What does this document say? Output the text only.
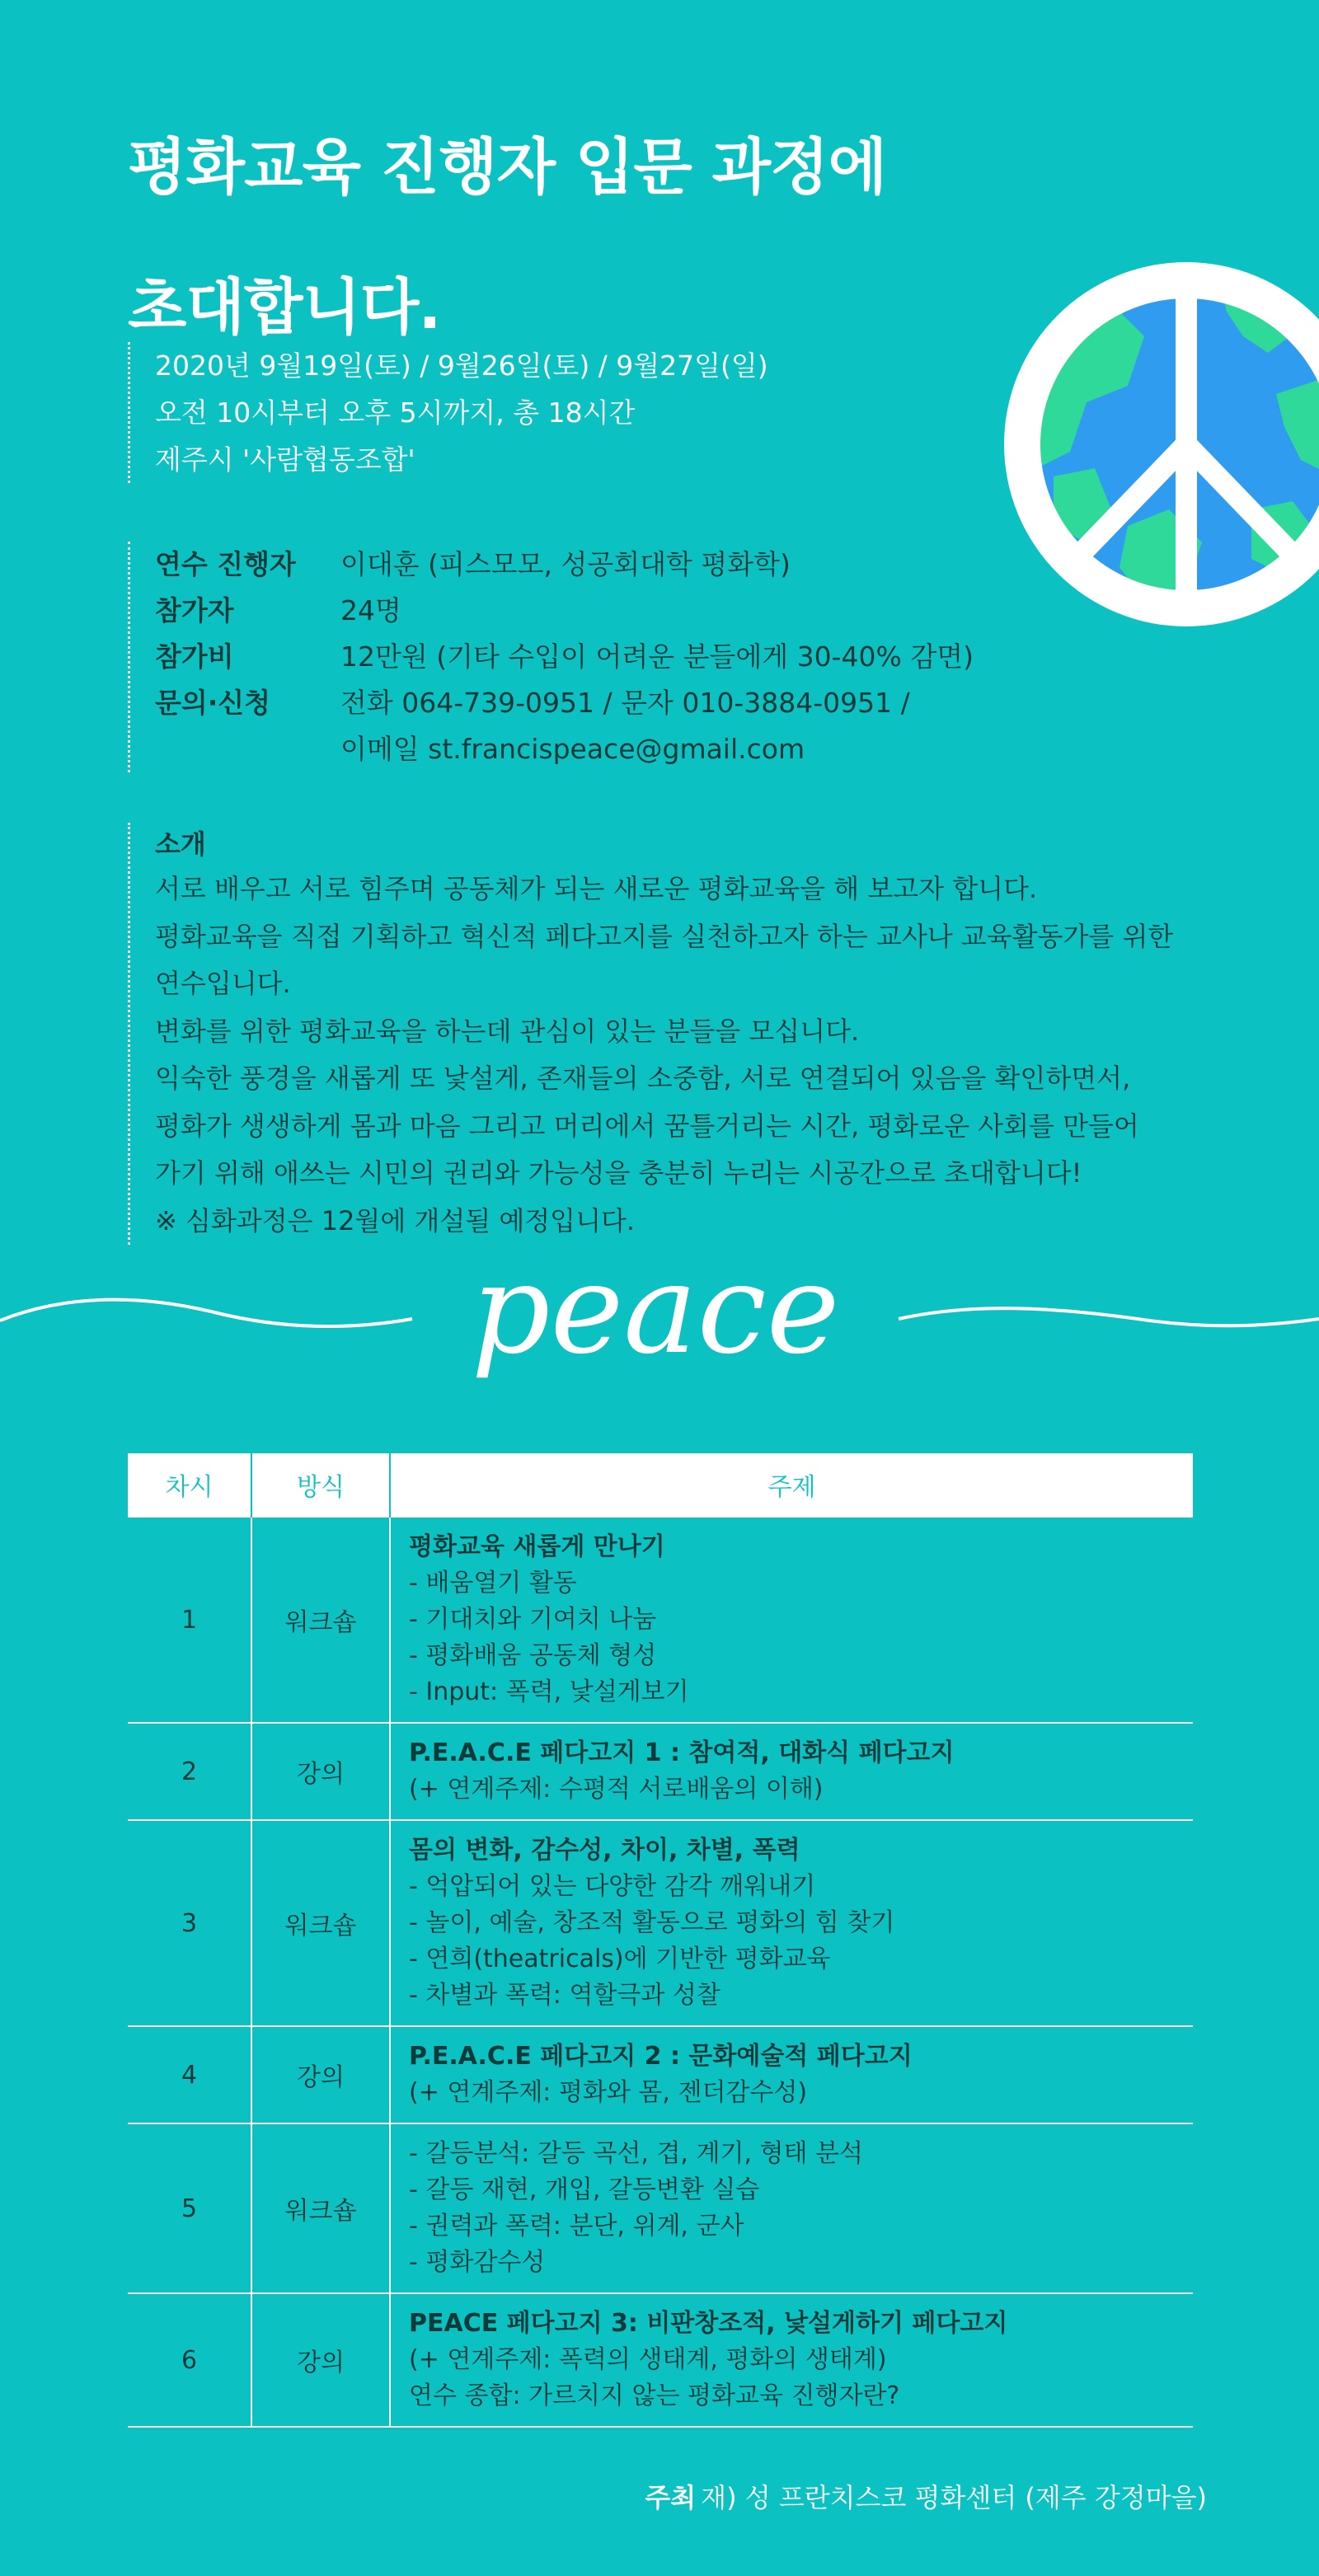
평화교육 진행자 입문 과정에
초대합니다.
2020년 9월19일(토) / 9월26일(토) / 9월27일(일)
오전 10시부터 오후 5시까지, 총 18시간
제주시 '사람협동조합'
연수 진행자	이대훈 (피스모모, 성공회대학 평화학)
참가자	24명
참가비	12만원 (기타 수입이 어려운 분들에게 30-40% 감면)
문의·신청	전화 064-739-0951 / 문자 010-3884-0951 /
이메일 st.francispeace@gmail.com
소개
서로 배우고 서로 힘주며 공동체가 되는 새로운 평화교육을 해 보고자 합니다.
평화교육을 직접 기획하고 혁신적 페다고지를 실천하고자 하는 교사나 교육활동가를 위한
연수입니다.
변화를 위한 평화교육을 하는데 관심이 있는 분들을 모십니다.
익숙한 풍경을 새롭게 또 낯설게, 존재들의 소중함, 서로 연결되어 있음을 확인하면서,
평화가 생생하게 몸과 마음 그리고 머리에서 꿈틀거리는 시간, 평화로운 사회를 만들어
가기 위해 애쓰는 시민의 권리와 가능성을 충분히 누리는 시공간으로 초대합니다!
※ 심화과정은 12월에 개설될 예정입니다.
peace
차시	방식	주제
1	워크숍	평화교육 새롭게 만나기
- 배움열기 활동
- 기대치와 기여치 나눔
- 평화배움 공동체 형성
- Input: 폭력, 낯설게보기

2	강의	P.E.A.C.E 페다고지 1 : 참여적, 대화식 페다고지
(+ 연계주제: 수평적 서로배움의 이해)

3	워크숍	몸의 변화, 감수성, 차이, 차별, 폭력
- 억압되어 있는 다양한 감각 깨워내기
- 놀이, 예술, 창조적 활동으로 평화의 힘 찾기
- 연희(theatricals)에 기반한 평화교육
- 차별과 폭력: 역할극과 성찰

4	강의	P.E.A.C.E 페다고지 2 : 문화예술적 페다고지
(+ 연계주제: 평화와 몸, 젠더감수성)

5	워크숍	- 갈등분석: 갈등 곡선, 겹, 계기, 형태 분석
- 갈등 재현, 개입, 갈등변환 실습
- 권력과 폭력: 분단, 위계, 군사
- 평화감수성

6	강의	PEACE 페다고지 3: 비판창조적, 낯설게하기 페다고지
(+ 연계주제: 폭력의 생태계, 평화의 생태계)
연수 종합: 가르치지 않는 평화교육 진행자란?
주최 재) 성 프란치스코 평화센터 (제주 강정마을)
